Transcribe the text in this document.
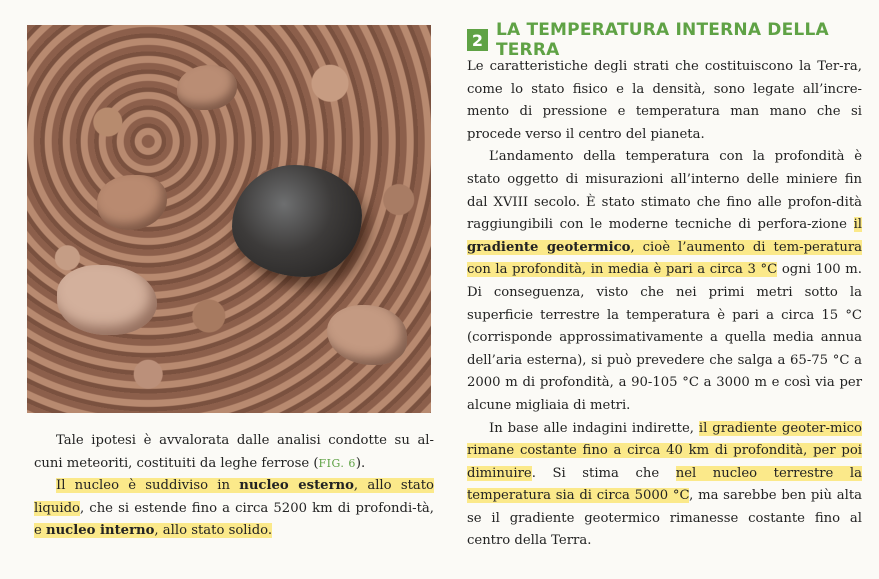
Tale ipotesi è avvalorata dalle analisi condotte su al-cuni meteoriti, costituiti da leghe ferrose (FIG. 6).

Il nucleo è suddiviso in nucleo esterno, allo stato liquido, che si estende fino a circa 5200 km di profondi-tà, e nucleo interno, allo stato solido.

2 LA TEMPERATURA INTERNA DELLA TERRA

Le caratteristiche degli strati che costituiscono la Ter-ra, come lo stato fisico e la densità, sono legate all’incre-mento di pressione e temperatura man mano che si procede verso il centro del pianeta.

L’andamento della temperatura con la profondità è stato oggetto di misurazioni all’interno delle miniere fin dal XVIII secolo. È stato stimato che fino alle profon-dità raggiungibili con le moderne tecniche di perfora-zione il gradiente geotermico, cioè l’aumento di tem-peratura con la profondità, in media è pari a circa 3 °C ogni 100 m. Di conseguenza, visto che nei primi metri sotto la superficie terrestre la temperatura è pari a circa 15 °C (corrisponde approssimativamente a quella media annua dell’aria esterna), si può prevedere che salga a 65-75 °C a 2000 m di profondità, a 90-105 °C a 3000 m e così via per alcune migliaia di metri.

In base alle indagini indirette, il gradiente geoter-mico rimane costante fino a circa 40 km di profondità, per poi diminuire. Si stima che nel nucleo terrestre la temperatura sia di circa 5000 °C, ma sarebbe ben più alta se il gradiente geotermico rimanesse costante fino al centro della Terra.
